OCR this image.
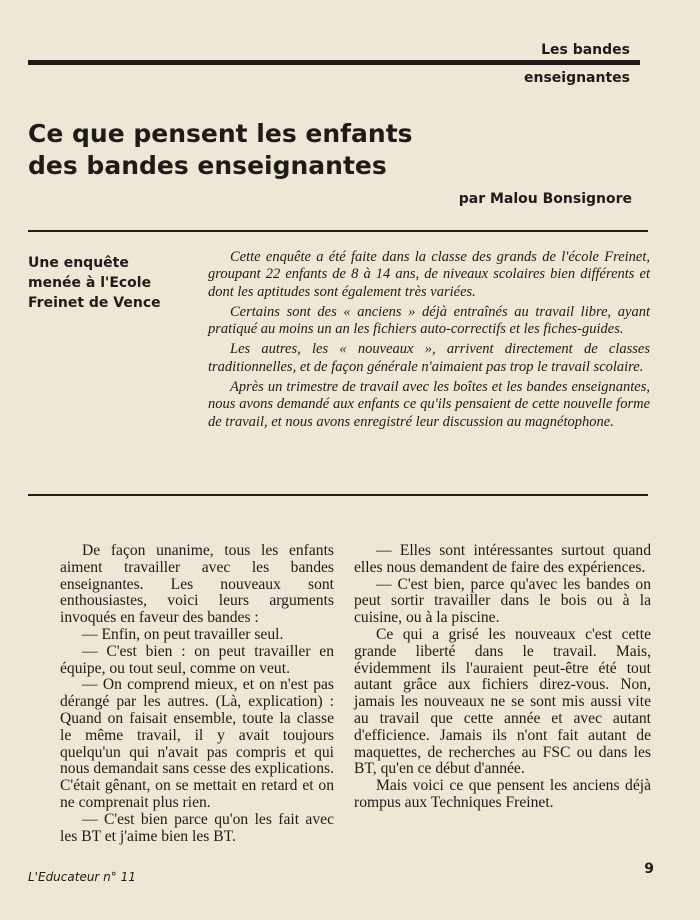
Les bandes
enseignantes
Ce que pensent les enfants
des bandes enseignantes
par Malou Bonsignore
Une enquête
menée à l'Ecole
Freinet de Vence

Cette enquête a été faite dans la classe des grands de l'école Freinet, groupant 22 enfants de 8 à 14 ans, de niveaux scolaires bien différents et dont les aptitudes sont également très variées.

Certains sont des « anciens » déjà entraînés au travail libre, ayant pratiqué au moins un an les fichiers auto-correctifs et les fiches-guides.

Les autres, les « nouveaux », arrivent directement de classes traditionnelles, et de façon générale n'aimaient pas trop le travail scolaire.

Après un trimestre de travail avec les boîtes et les bandes enseignantes, nous avons demandé aux enfants ce qu'ils pensaient de cette nouvelle forme de travail, et nous avons enregistré leur discussion au magnétophone.

De façon unanime, tous les enfants aiment travailler avec les bandes enseignantes. Les nouveaux sont enthousiastes, voici leurs arguments invoqués en faveur des bandes :

— Enfin, on peut travailler seul.

— C'est bien : on peut travailler en équipe, ou tout seul, comme on veut.

— On comprend mieux, et on n'est pas dérangé par les autres. (Là, explication) : Quand on faisait ensemble, toute la classe le même travail, il y avait toujours quelqu'un qui n'avait pas compris et qui nous demandait sans cesse des explications. C'était gênant, on se mettait en retard et on ne comprenait plus rien.

— C'est bien parce qu'on les fait avec les BT et j'aime bien les BT.

— Elles sont intéressantes surtout quand elles nous demandent de faire des expériences.

— C'est bien, parce qu'avec les bandes on peut sortir travailler dans le bois ou à la cuisine, ou à la piscine.

Ce qui a grisé les nouveaux c'est cette grande liberté dans le travail. Mais, évidemment ils l'auraient peut-être été tout autant grâce aux fichiers direz-vous. Non, jamais les nouveaux ne se sont mis aussi vite au travail que cette année et avec autant d'efficience. Jamais ils n'ont fait autant de maquettes, de recherches au FSC ou dans les BT, qu'en ce début d'année.

Mais voici ce que pensent les anciens déjà rompus aux Techniques Freinet.

L'Educateur n° 11	9
